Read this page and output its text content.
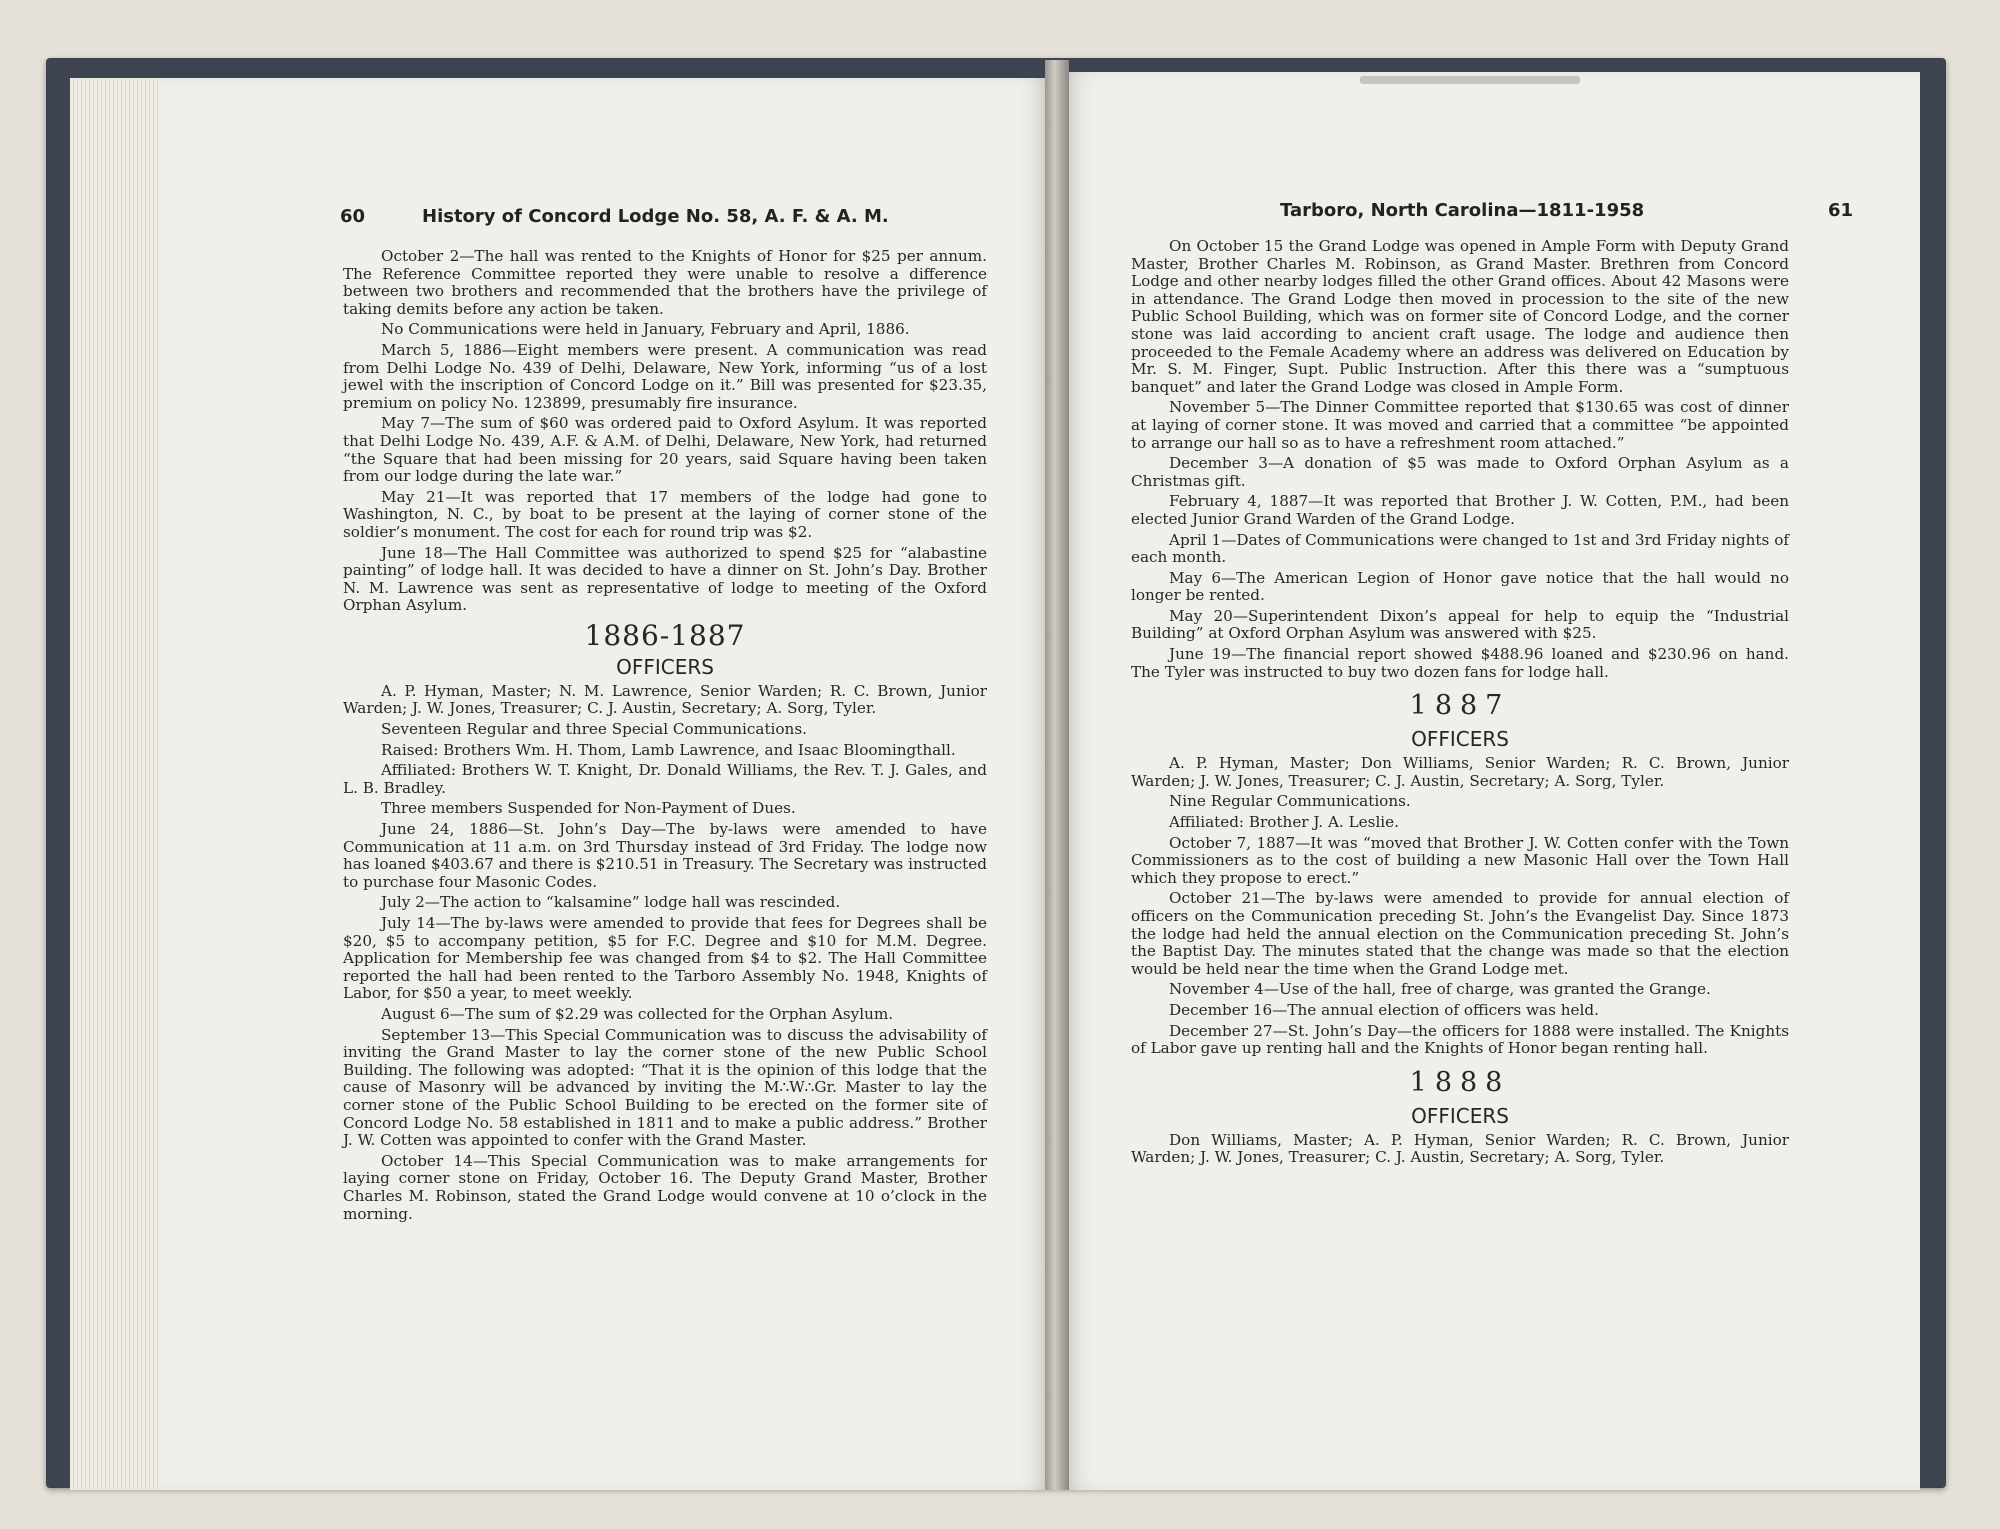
60	History of Concord Lodge No. 58, A. F. & A. M.

October 2—The hall was rented to the Knights of Honor for $25 per annum. The Reference Committee reported they were unable to resolve a difference between two brothers and recommended that the brothers have the privilege of taking demits before any action be taken.

No Communications were held in January, February and April, 1886.

March 5, 1886—Eight members were present. A communication was read from Delhi Lodge No. 439 of Delhi, Delaware, New York, informing “us of a lost jewel with the inscription of Concord Lodge on it.” Bill was presented for $23.35, premium on policy No. 123899, presumably fire insurance.

May 7—The sum of $60 was ordered paid to Oxford Asylum. It was reported that Delhi Lodge No. 439, A.F. & A.M. of Delhi, Delaware, New York, had returned “the Square that had been missing for 20 years, said Square having been taken from our lodge during the late war.”

May 21—It was reported that 17 members of the lodge had gone to Washington, N. C., by boat to be present at the laying of corner stone of the soldier’s monument. The cost for each for round trip was $2.

June 18—The Hall Committee was authorized to spend $25 for “alabastine painting” of lodge hall. It was decided to have a dinner on St. John’s Day. Brother N. M. Lawrence was sent as representative of lodge to meeting of the Oxford Orphan Asylum.

1886-1887
OFFICERS

A. P. Hyman, Master; N. M. Lawrence, Senior Warden; R. C. Brown, Junior Warden; J. W. Jones, Treasurer; C. J. Austin, Secretary; A. Sorg, Tyler.

Seventeen Regular and three Special Communications.

Raised: Brothers Wm. H. Thom, Lamb Lawrence, and Isaac Bloomingthall.

Affiliated: Brothers W. T. Knight, Dr. Donald Williams, the Rev. T. J. Gales, and L. B. Bradley.

Three members Suspended for Non-Payment of Dues.

June 24, 1886—St. John’s Day—The by-laws were amended to have Communication at 11 a.m. on 3rd Thursday instead of 3rd Friday. The lodge now has loaned $403.67 and there is $210.51 in Treasury. The Secretary was instructed to purchase four Masonic Codes.

July 2—The action to “kalsamine” lodge hall was rescinded.

July 14—The by-laws were amended to provide that fees for Degrees shall be $20, $5 to accompany petition, $5 for F.C. Degree and $10 for M.M. Degree. Application for Membership fee was changed from $4 to $2. The Hall Committee reported the hall had been rented to the Tarboro Assembly No. 1948, Knights of Labor, for $50 a year, to meet weekly.

August 6—The sum of $2.29 was collected for the Orphan Asylum.

September 13—This Special Communication was to discuss the advisability of inviting the Grand Master to lay the corner stone of the new Public School Building. The following was adopted: “That it is the opinion of this lodge that the cause of Masonry will be advanced by inviting the M∴W∴Gr. Master to lay the corner stone of the Public School Building to be erected on the former site of Concord Lodge No. 58 established in 1811 and to make a public address.” Brother J. W. Cotten was appointed to confer with the Grand Master.

October 14—This Special Communication was to make arrangements for laying corner stone on Friday, October 16. The Deputy Grand Master, Brother Charles M. Robinson, stated the Grand Lodge would convene at 10 o’clock in the morning.

Tarboro, North Carolina—1811-1958	61

On October 15 the Grand Lodge was opened in Ample Form with Deputy Grand Master, Brother Charles M. Robinson, as Grand Master. Brethren from Concord Lodge and other nearby lodges filled the other Grand offices. About 42 Masons were in attendance. The Grand Lodge then moved in procession to the site of the new Public School Building, which was on former site of Concord Lodge, and the corner stone was laid according to ancient craft usage. The lodge and audience then proceeded to the Female Academy where an address was delivered on Education by Mr. S. M. Finger, Supt. Public Instruction. After this there was a “sumptuous banquet” and later the Grand Lodge was closed in Ample Form.

November 5—The Dinner Committee reported that $130.65 was cost of dinner at laying of corner stone. It was moved and carried that a committee “be appointed to arrange our hall so as to have a refreshment room attached.”

December 3—A donation of $5 was made to Oxford Orphan Asylum as a Christmas gift.

February 4, 1887—It was reported that Brother J. W. Cotten, P.M., had been elected Junior Grand Warden of the Grand Lodge.

April 1—Dates of Communications were changed to 1st and 3rd Friday nights of each month.

May 6—The American Legion of Honor gave notice that the hall would no longer be rented.

May 20—Superintendent Dixon’s appeal for help to equip the “Industrial Building” at Oxford Orphan Asylum was answered with $25.

June 19—The financial report showed $488.96 loaned and $230.96 on hand. The Tyler was instructed to buy two dozen fans for lodge hall.

1887
OFFICERS

A. P. Hyman, Master; Don Williams, Senior Warden; R. C. Brown, Junior Warden; J. W. Jones, Treasurer; C. J. Austin, Secretary; A. Sorg, Tyler.

Nine Regular Communications.

Affiliated: Brother J. A. Leslie.

October 7, 1887—It was “moved that Brother J. W. Cotten confer with the Town Commissioners as to the cost of building a new Masonic Hall over the Town Hall which they propose to erect.”

October 21—The by-laws were amended to provide for annual election of officers on the Communication preceding St. John’s the Evangelist Day. Since 1873 the lodge had held the annual election on the Communication preceding St. John’s the Baptist Day. The minutes stated that the change was made so that the election would be held near the time when the Grand Lodge met.

November 4—Use of the hall, free of charge, was granted the Grange.

December 16—The annual election of officers was held.

December 27—St. John’s Day—the officers for 1888 were installed. The Knights of Labor gave up renting hall and the Knights of Honor began renting hall.

1888
OFFICERS

Don Williams, Master; A. P. Hyman, Senior Warden; R. C. Brown, Junior Warden; J. W. Jones, Treasurer; C. J. Austin, Secretary; A. Sorg, Tyler.
